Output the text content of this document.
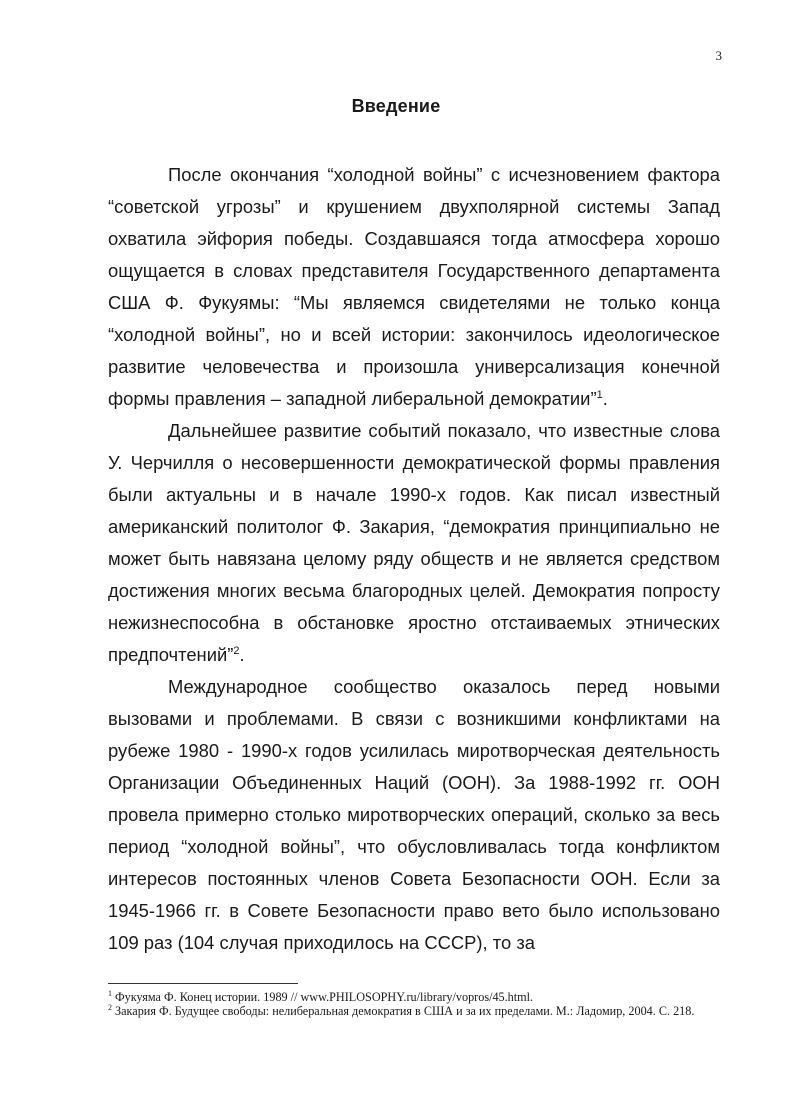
3
Введение

После окончания “холодной войны” с исчезновением фактора “советской угрозы” и крушением двухполярной системы Запад охватила эйфория победы. Создавшаяся тогда атмосфера хорошо ощущается в словах представителя Государственного департамента США Ф. Фукуямы: “Мы являемся свидетелями не только конца “холодной войны”, но и всей истории: закончилось идеологическое развитие человечества и произошла универсализация конечной формы правления – западной либеральной демократии”$^1$.

Дальнейшее развитие событий показало, что известные слова У. Черчилля о несовершенности демократической формы правления были актуальны и в начале 1990-х годов. Как писал известный американский политолог Ф. Закария, “демократия принципиально не может быть навязана целому ряду обществ и не является средством достижения многих весьма благородных целей. Демократия попросту нежизнеспособна в обстановке яростно отстаиваемых этнических предпочтений”$^2$.

Международное сообщество оказалось перед новыми вызовами и проблемами. В связи с возникшими конфликтами на рубеже 1980 - 1990-х годов усилилась миротворческая деятельность Организации Объединенных Наций (ООН). За 1988-1992 гг. ООН провела примерно столько миротворческих операций, сколько за весь период “холодной войны”, что обусловливалась тогда конфликтом интересов постоянных членов Совета Безопасности ООН. Если за 1945-1966 гг. в Совете Безопасности право вето было использовано 109 раз (104 случая приходилось на СССР), то за

$^1$ Фукуяма Ф. Конец истории. 1989 // www.PHILOSOPHY.ru/library/vopros/45.html.

$^2$ Закария Ф. Будущее свободы: нелиберальная демократия в США и за их пределами. М.: Ладомир, 2004. С. 218.
